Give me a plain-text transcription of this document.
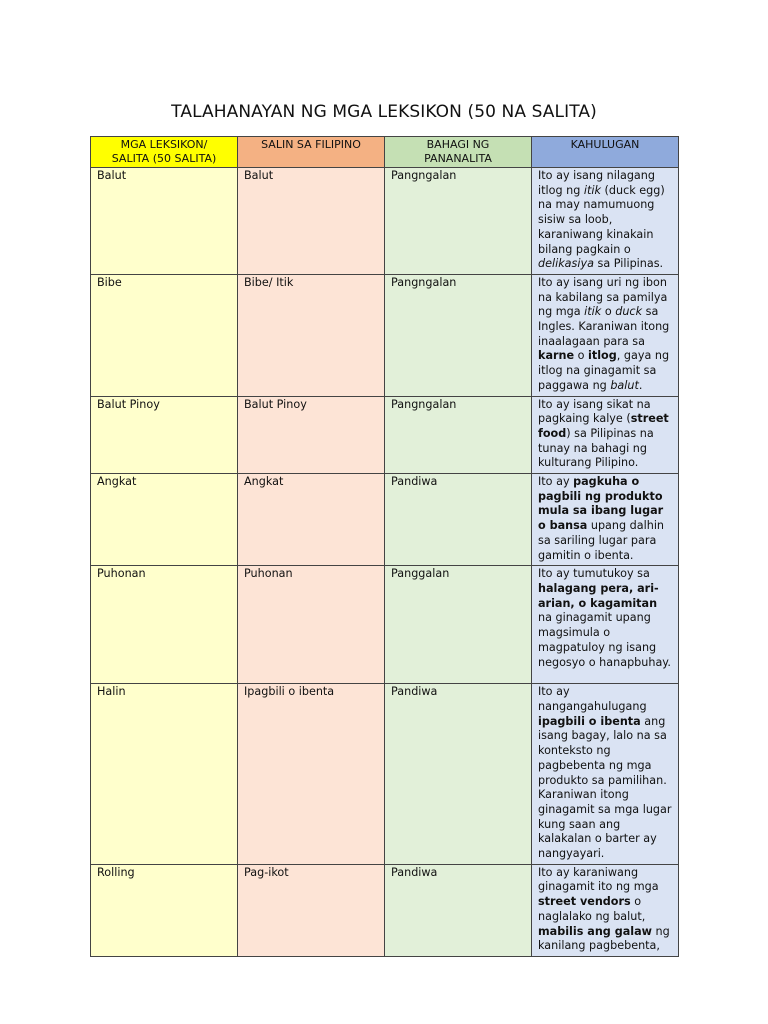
TALAHANAYAN NG MGA LEKSIKON (50 NA SALITA)
MGA LEKSIKON/
SALITA (50 SALITA)	SALIN SA FILIPINO	BAHAGI NG
PANANALITA	KAHULUGAN
Balut	Balut	Pangngalan	Ito ay isang nilagang itlog ng itik (duck egg) na may namumuong sisiw sa loob, karaniwang kinakain bilang pagkain o delikasiya sa Pilipinas.
Bibe	Bibe/ Itik	Pangngalan	Ito ay isang uri ng ibon na kabilang sa pamilya ng mga itik o duck sa Ingles. Karaniwan itong inaalagaan para sa karne o itlog, gaya ng itlog na ginagamit sa paggawa ng balut.
Balut Pinoy	Balut Pinoy	Pangngalan	Ito ay isang sikat na pagkaing kalye (street food) sa Pilipinas na tunay na bahagi ng kulturang Pilipino.
Angkat	Angkat	Pandiwa	Ito ay pagkuha o pagbili ng produkto mula sa ibang lugar o bansa upang dalhin sa sariling lugar para gamitin o ibenta.
Puhonan	Puhonan	Panggalan	Ito ay tumutukoy sa halagang pera, ari-arian, o kagamitan na ginagamit upang magsimula o magpatuloy ng isang negosyo o hanapbuhay.
Halin	Ipagbili o ibenta	Pandiwa	Ito ay nangangahulugang ipagbili o ibenta ang isang bagay, lalo na sa konteksto ng pagbebenta ng mga produkto sa pamilihan. Karaniwan itong ginagamit sa mga lugar kung saan ang kalakalan o barter ay nangyayari.
Rolling	Pag-ikot	Pandiwa	Ito ay karaniwang ginagamit ito ng mga street vendors o naglalako ng balut, mabilis ang galaw ng kanilang pagbebenta,
